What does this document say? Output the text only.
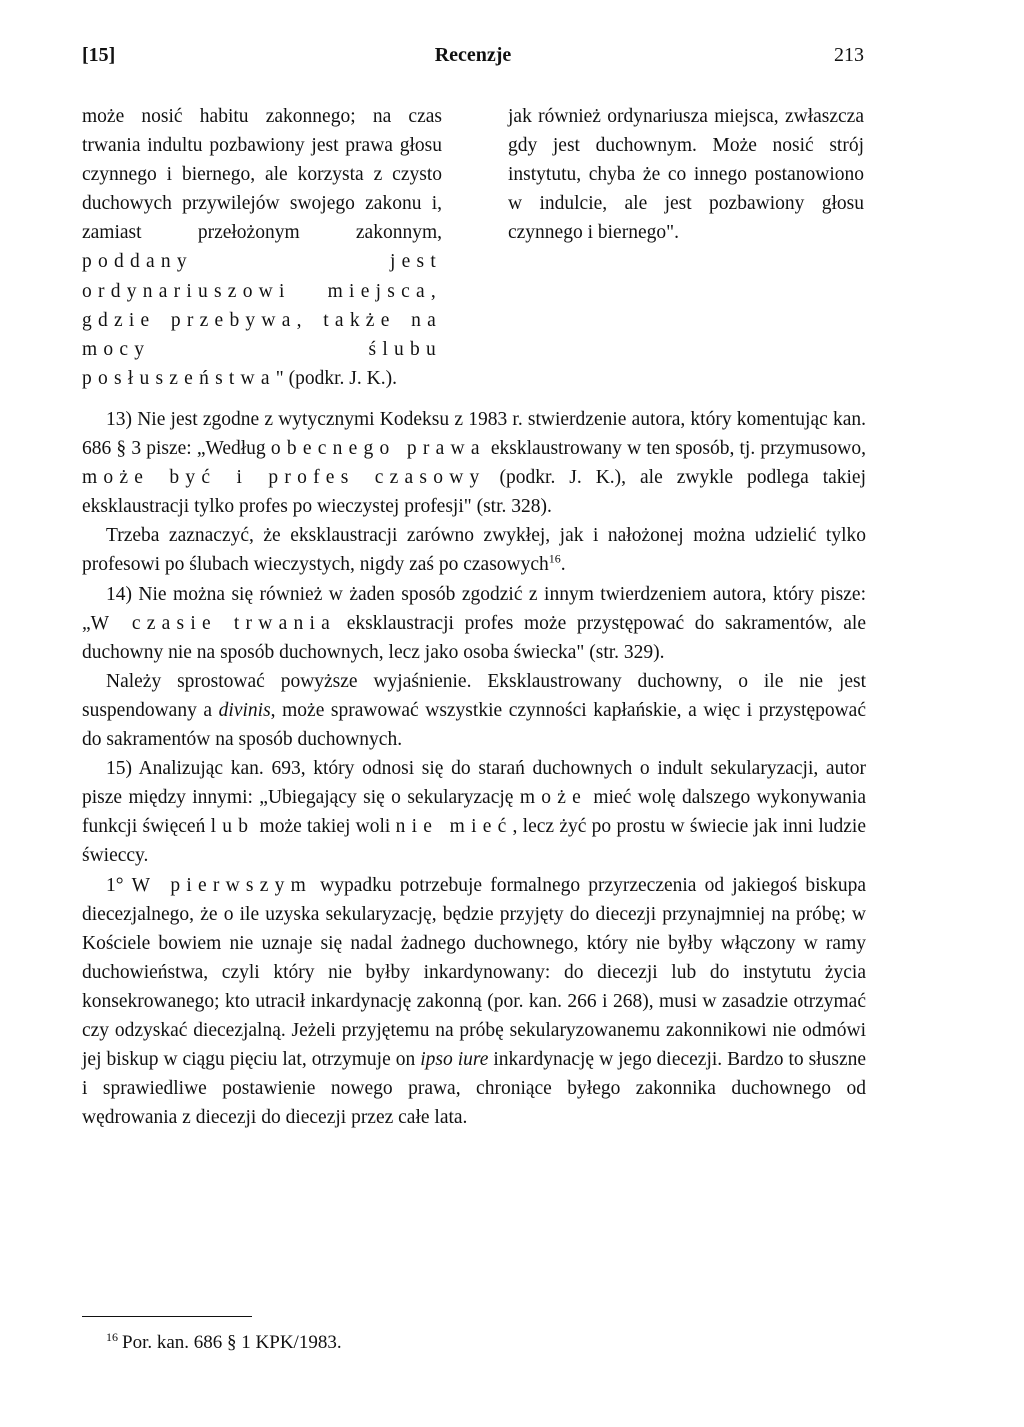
[15]	Recenzje	213
może nosić habitu zakonnego; na czas trwania indultu pozbawiony jest prawa głosu czynnego i biernego, ale korzysta z czysto duchowych przywilejów swojego zakonu i, zamiast przełożonym zakonnym, poddany jest ordynariuszowi miejsca, gdzie przebywa, także na mocy ślubu posłuszeństwa" (podkr. J. K.).
jak również ordynariusza miejsca, zwłaszcza gdy jest duchownym. Może nosić strój instytutu, chyba że co innego postanowiono w indulcie, ale jest pozbawiony głosu czynnego i biernego".

13) Nie jest zgodne z wytycznymi Kodeksu z 1983 r. stwierdzenie autora, który komentując kan. 686 § 3 pisze: „Według obecnego prawa eksklaustrowany w ten sposób, tj. przymusowo, może być i profes czasowy (podkr. J. K.), ale zwykle podlega takiej eksklaustracji tylko profes po wieczystej profesji" (str. 328).

Trzeba zaznaczyć, że eksklaustracji zarówno zwykłej, jak i nałożonej można udzielić tylko profesowi po ślubach wieczystych, nigdy zaś po czasowych$^{16}$.

14) Nie można się również w żaden sposób zgodzić z innym twierdzeniem autora, który pisze: „W czasie trwania eksklaustracji profes może przystępować do sakramentów, ale duchowny nie na sposób duchownych, lecz jako osoba świecka" (str. 329).

Należy sprostować powyższe wyjaśnienie. Eksklaustrowany duchowny, o ile nie jest suspendowany a divinis, może sprawować wszystkie czynności kapłańskie, a więc i przystępować do sakramentów na sposób duchownych.

15) Analizując kan. 693, który odnosi się do starań duchownych o indult sekularyzacji, autor pisze między innymi: „Ubiegający się o sekularyzację może mieć wolę dalszego wykonywania funkcji święceń lub może takiej woli nie mieć, lecz żyć po prostu w świecie jak inni ludzie świeccy.

1° W pierwszym wypadku potrzebuje formalnego przyrzeczenia od jakiegoś biskupa diecezjalnego, że o ile uzyska sekularyzację, będzie przyjęty do diecezji przynajmniej na próbę; w Kościele bowiem nie uznaje się nadal żadnego duchownego, który nie byłby włączony w ramy duchowieństwa, czyli który nie byłby inkardynowany: do diecezji lub do instytutu życia konsekrowanego; kto utracił inkardynację zakonną (por. kan. 266 i 268), musi w zasadzie otrzymać czy odzyskać diecezjalną. Jeżeli przyjętemu na próbę sekularyzowanemu zakonnikowi nie odmówi jej biskup w ciągu pięciu lat, otrzymuje on ipso iure inkardynację w jego diecezji. Bardzo to słuszne i sprawiedliwe postawienie nowego prawa, chroniące byłego zakonnika duchownego od wędrowania z diecezji do diecezji przez całe lata.

$^{16}$ Por. kan. 686 § 1 KPK/1983.
